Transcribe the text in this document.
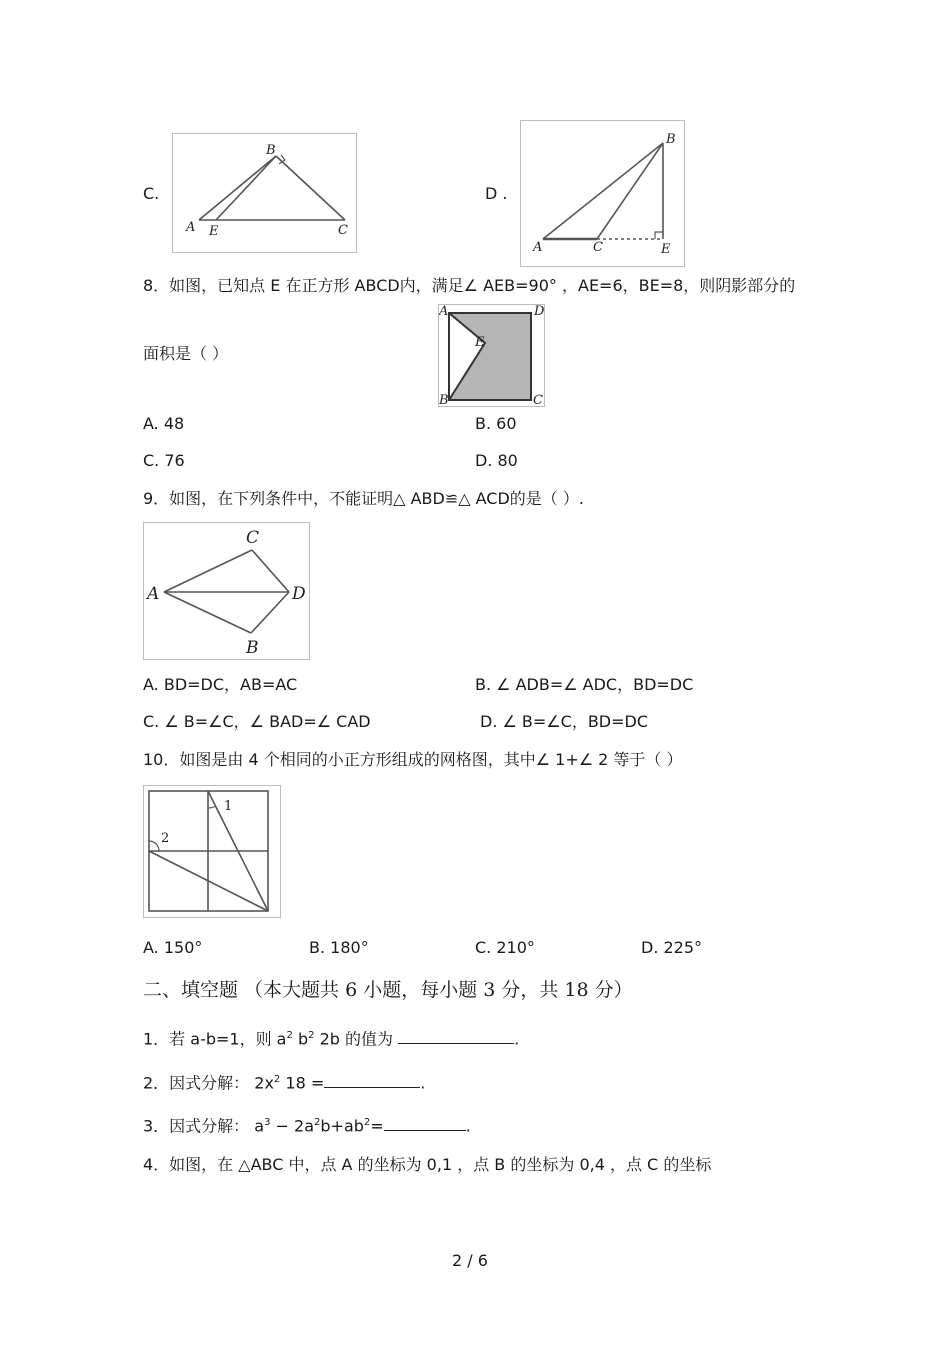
C.
A E
B
C
D .
A	C
B
E
8．如图，已知点 E 在正方形 ABCD内，满足∠ AEB=90° ，AE=6，BE=8，则阴影部分的
A	D
E
B	C
面积是（ ）
A. 48	B. 60
C. 76	D. 80
9．如图，在下列条件中，不能证明△ ABD≌△ ACD的是（ ）.
A
C
D
B
A. BD=DC，AB=AC	B. ∠ ADB=∠ ADC，BD=DC
C. ∠ B=∠C，∠ BAD=∠ CAD	D. ∠ B=∠C，BD=DC
10．如图是由 4 个相同的小正方形组成的网格图，其中∠ 1+∠ 2 等于（ ）
1
2
A. 150°	B. 180°	C. 210°	D. 225°
二、填空题 （本大题共 6 小题，每小题 3 分，共 18 分）
1．若 a-b=1，则 $a^2$ $b^2$ 2b 的值为	.
2．因式分解： $2x^2$ 18 =	.
3．因式分解： $a^3 - 2a^2b+ab^2=$	.
4．如图，在 △ABC 中，点 A 的坐标为 0,1 ，点 B 的坐标为 0,4 ，点 C 的坐标
2 / 6
